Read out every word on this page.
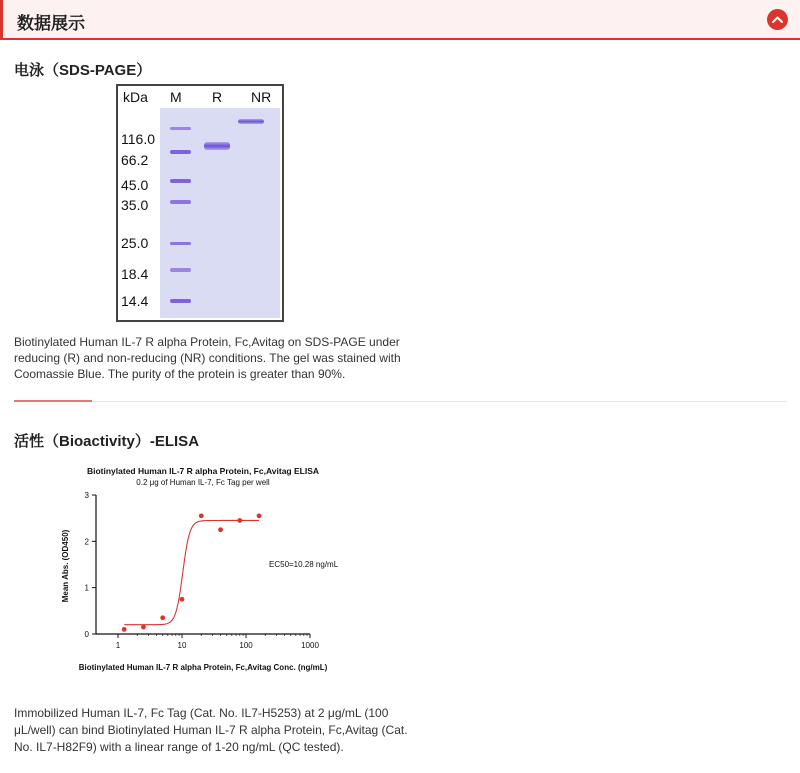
数据展示
电泳（SDS-PAGE）
kDa M R NR
116.0
66.2
45.0
35.0
25.0
18.4
14.4
Biotinylated Human IL-7 R alpha Protein, Fc,Avitag on SDS-PAGE under
reducing (R) and non-reducing (NR) conditions. The gel was stained with
Coomassie Blue. The purity of the protein is greater than 90%.
活性（Bioactivity）-ELISA
Biotinylated Human IL-7 R alpha Protein, Fc,Avitag ELISA
0.2 μg of Human IL-7, Fc Tag per well
Biotinylated Human IL-7 R alpha Protein, Fc,Avitag Conc. (ng/mL)
Mean Abs. (OD450)	EC50=10.28 ng/mL
1	10	100	1000
0
1
2
3
Immobilized Human IL-7, Fc Tag (Cat. No. IL7-H5253) at 2 μg/mL (100
μL/well) can bind Biotinylated Human IL-7 R alpha Protein, Fc,Avitag (Cat.
No. IL7-H82F9) with a linear range of 1-20 ng/mL (QC tested).
